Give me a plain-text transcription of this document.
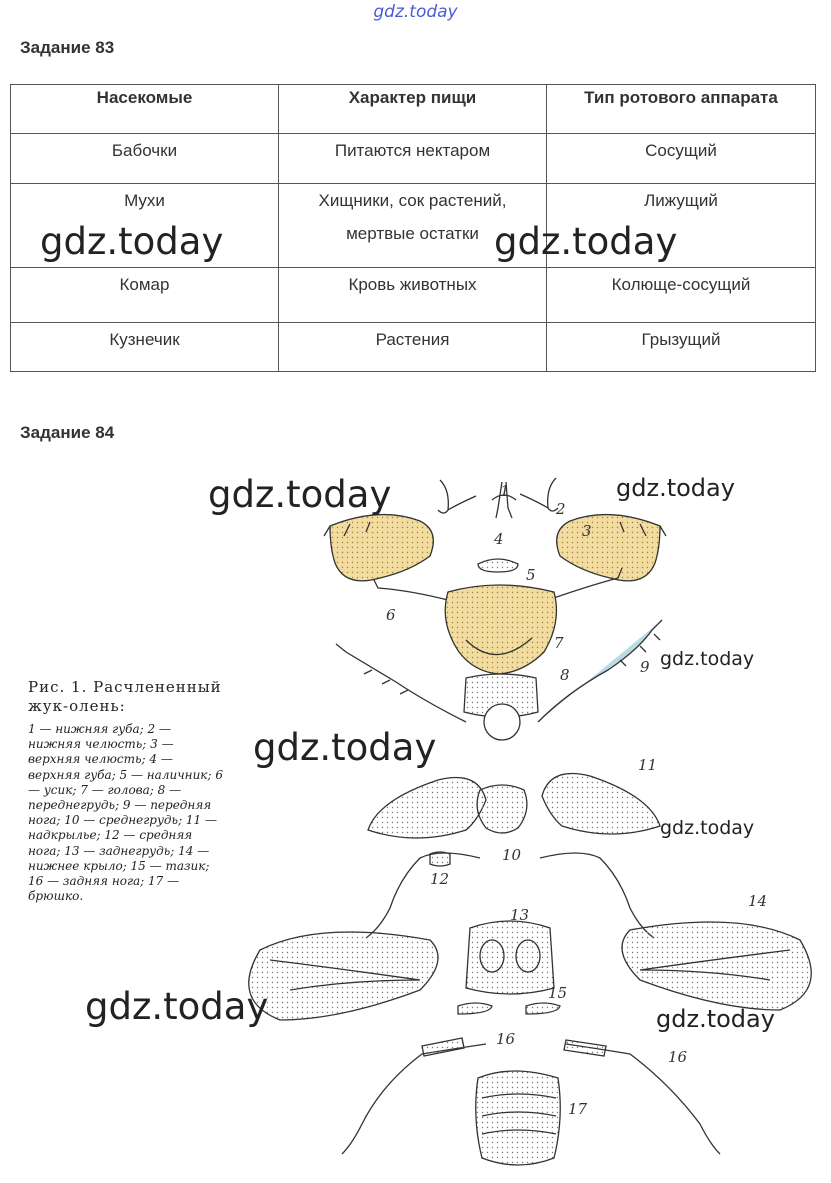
gdz.today
Задание 83
Насекомые	Характер пищи	Тип ротового аппарата
Бабочки	Питаются нектаром	Сосущий
Мухи	Хищники, сок растений, мертвые остатки	Лижущий
Комар	Кровь животных	Колюще-сосущий
Кузнечик	Растения	Грызущий
Задание 84
Рис. 1. Расчлененный жук-олень:
1 — нижняя губа; 2 — нижняя челюсть; 3 — верхняя челюсть; 4 — верхняя губа; 5 — наличник; 6 — усик; 7 — голова; 8 — переднегрудь; 9 — передняя нога; 10 — среднегрудь; 11 — надкрылье; 12 — средняя нога; 13 — заднегрудь; 14 — нижнее крыло; 15 — тазик; 16 — задняя нога; 17 — брюшко.
1
2
3
4
5
6
7
8	9
10
11
12
13
14
15
16
16
17
gdz.today	gdz.today
gdz.today	gdz.today
gdz.today
gdz.today
gdz.today
gdz.today	gdz.today
